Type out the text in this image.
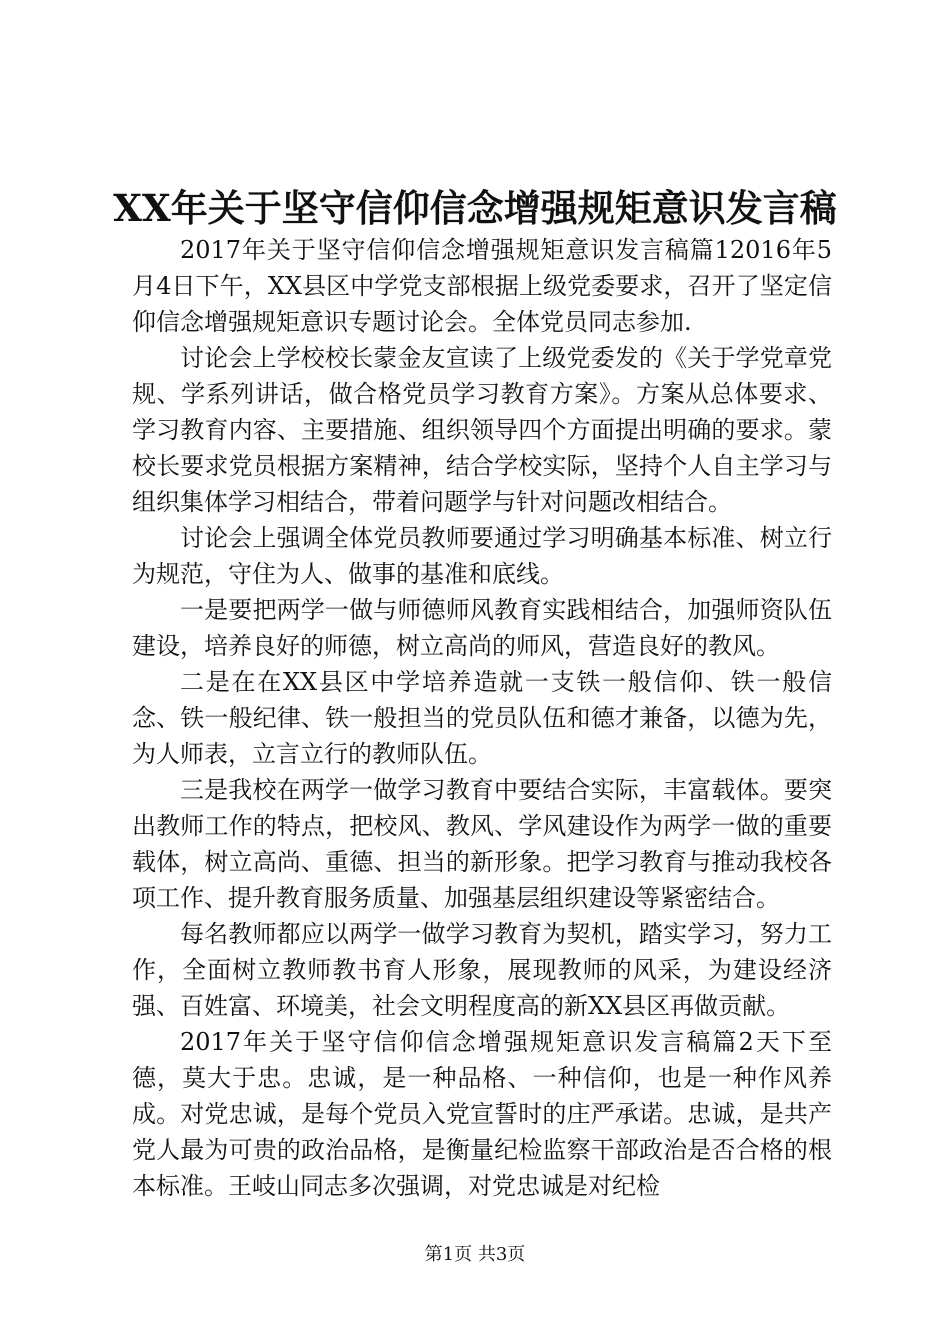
XX年关于坚守信仰信念增强规矩意识发言稿

2017年关于坚守信仰信念增强规矩意识发言稿篇12016年5月4日下午，XX县区中学党支部根据上级党委要求，召开了坚定信仰信念增强规矩意识专题讨论会。全体党员同志参加.

讨论会上学校校长蒙金友宣读了上级党委发的《关于学党章党规、学系列讲话，做合格党员学习教育方案》。方案从总体要求、学习教育内容、主要措施、组织领导四个方面提出明确的要求。蒙校长要求党员根据方案精神，结合学校实际，坚持个人自主学习与组织集体学习相结合，带着问题学与针对问题改相结合。

讨论会上强调全体党员教师要通过学习明确基本标准、树立行为规范，守住为人、做事的基准和底线。

一是要把两学一做与师德师风教育实践相结合，加强师资队伍建设，培养良好的师德，树立高尚的师风，营造良好的教风。

二是在在XX县区中学培养造就一支铁一般信仰、铁一般信念、铁一般纪律、铁一般担当的党员队伍和德才兼备，以德为先，为人师表，立言立行的教师队伍。

三是我校在两学一做学习教育中要结合实际，丰富载体。要突出教师工作的特点，把校风、教风、学风建设作为两学一做的重要载体，树立高尚、重德、担当的新形象。把学习教育与推动我校各项工作、提升教育服务质量、加强基层组织建设等紧密结合。

每名教师都应以两学一做学习教育为契机，踏实学习，努力工作，全面树立教师教书育人形象，展现教师的风采，为建设经济强、百姓富、环境美，社会文明程度高的新XX县区再做贡献。

2017年关于坚守信仰信念增强规矩意识发言稿篇2天下至德，莫大于忠。忠诚，是一种品格、一种信仰，也是一种作风养成。对党忠诚，是每个党员入党宣誓时的庄严承诺。忠诚，是共产党人最为可贵的政治品格，是衡量纪检监察干部政治是否合格的根本标准。王岐山同志多次强调，对党忠诚是对纪检

第1页 共3页
